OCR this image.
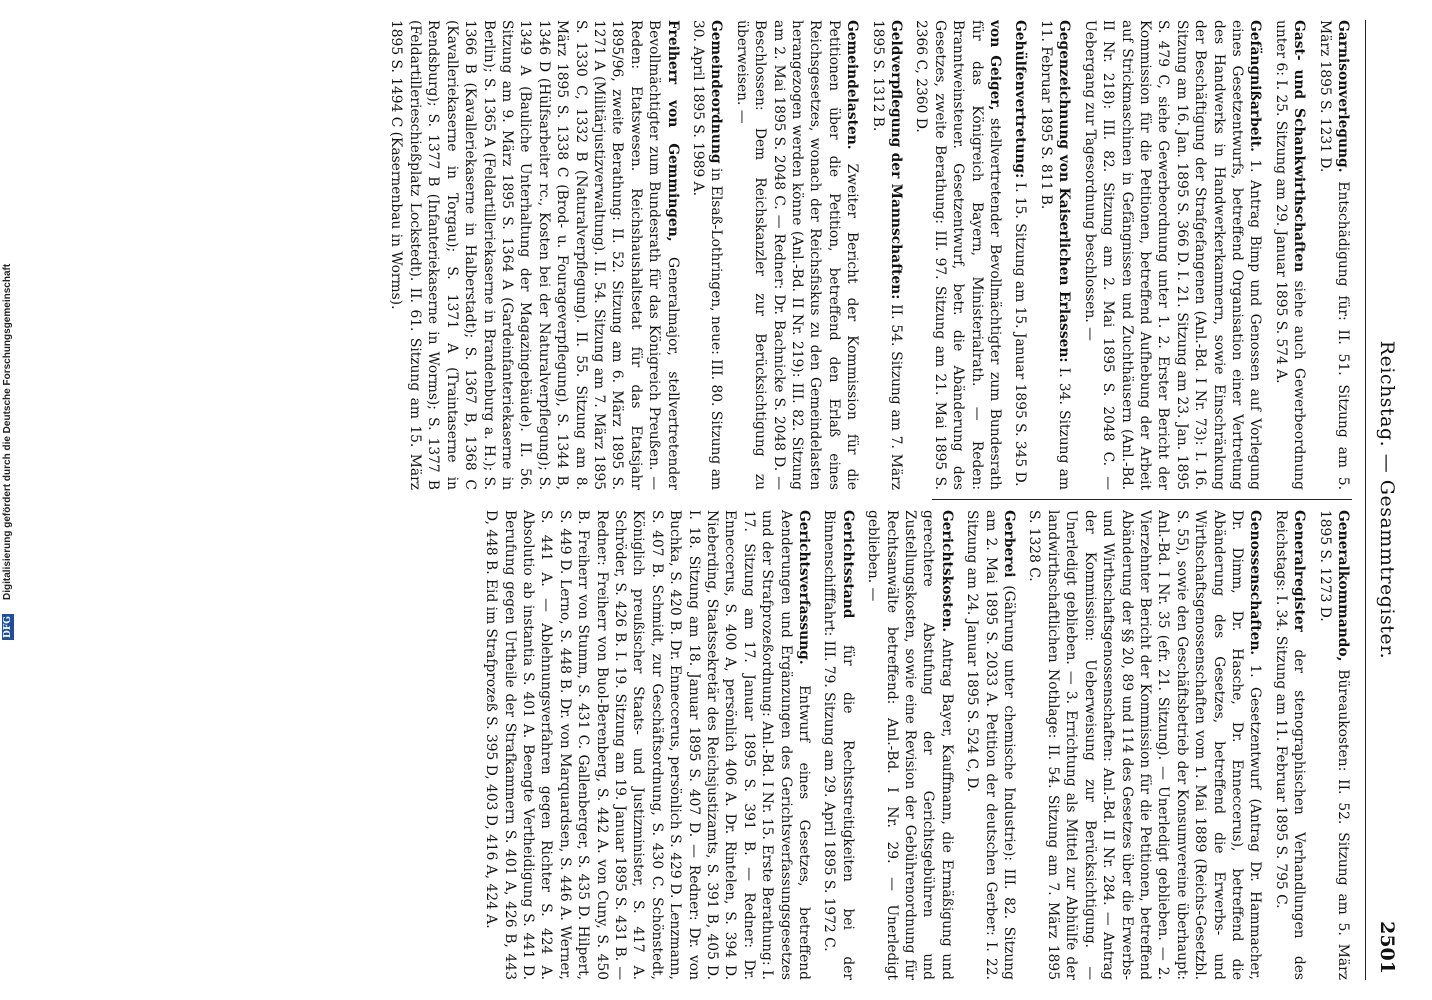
Reichstag. — Gesammtregister.
2501

Garnisonverlegung. Entschädigung für: II. 51. Sitzung am 5. März 1895 S. 1231 D.

Gast- und Schankwirthschaften siehe auch Gewerbeordnung unter 6: I. 25. Sitzung am 29. Januar 1895 S. 574 A.

Gefängnißarbeit. 1. Antrag Bimp und Genossen auf Vorlegung eines Gesetzentwurfs, betreffend Organisation einer Vertretung des Handwerks in Handwerkerkammern, sowie Einschränkung der Beschäftigung der Strafgefangenen (Anl.-Bd. I Nr. 73): I. 16. Sitzung am 16. Jan. 1895 S. 366 D. I. 21. Sitzung am 23. Jan. 1895 S. 479 C, siehe Gewerbeordnung unter 1. 2. Erster Bericht der Kommission für die Petitionen, betreffend Aufhebung der Arbeit auf Strickmaschinen in Gefängnissen und Zuchthäusern (Anl.-Bd. II Nr. 218): III. 82. Sitzung am 2. Mai 1895 S. 2048 C. — Uebergang zur Tagesordnung beschlossen. —

Gegenzeichnung von Kaiserlichen Erlassen: I. 34. Sitzung am 11. Februar 1895 S. 811 B.

Gehülfenvertretung: I. 15. Sitzung am 15. Januar 1895 S. 345 D.

von Geiger, stellvertretender Bevollmächtigter zum Bundesrath für das Königreich Bayern, Ministerialrath. — Reden: Branntweinsteuer. Gesetzentwurf, betr. die Abänderung des Gesetzes, zweite Berathung: III. 97. Sitzung am 21. Mai 1895 S. 2366 C, 2360 D.

Geldverpflegung der Mannschaften: II. 54. Sitzung am 7. März 1895 S. 1312 B.

Gemeindelasten. Zweiter Bericht der Kommission für die Petitionen über die Petition, betreffend den Erlaß eines Reichsgesetzes, wonach der Reichsfiskus zu den Gemeindelasten herangezogen werden könne (Anl.-Bd. II Nr. 219): III. 82. Sitzung am 2. Mai 1895 S. 2048 C. — Redner: Dr. Bachnicke S. 2048 D. — Beschlossen: Dem Reichskanzler zur Berücksichtigung zu überweisen. —

Gemeindeordnung in Elsaß-Lothringen, neue: III. 80. Sitzung am 30. April 1895 S. 1989 A.

Freiherr von Gemmingen, Generalmajor, stellvertretender Bevollmächtigter zum Bundesrath für das Königreich Preußen. — Reden: Etatswesen. Reichshaushaltsetat für das Etatsjahr 1895/96, zweite Berathung: II. 52. Sitzung am 6. März 1895 S. 1271 A (Militärjustizverwaltung). II. 54. Sitzung am 7. März 1895 S. 1330 C, 1332 B (Naturalverpflegung). II. 55. Sitzung am 8. März 1895 S. 1338 C (Brod- u. Fourageverpflegung), S. 1344 B, 1346 D (Hülfsarbeiter rc., Kosten bei der Naturalverpflegung); S. 1349 A (Bauliche Unterhaltung der Magazingebäude). II. 56. Sitzung am 9. März 1895 S. 1364 A (Gardeinfanteriekaserne in Berlin); S. 1365 A (Feldartilleriekaserne in Brandenburg a. H.); S. 1366 B (Kavalleriekaserne in Halberstadt); S. 1367 B, 1368 C (Kavalleriekaserne in Torgau); S. 1371 A (Traintaserne in Rendsburg); S. 1377 B (Infanteriekaserne in Worms); S. 1377 B (Feldartillerieschießplatz Lockstedt). II. 61. Sitzung am 15. März 1895 S. 1494 C (Kasernenbau in Worms).

Generalkommando, Büreaukosten: II. 52. Sitzung am 5. März 1895 S. 1273 D.

Generalregister der stenographischen Verhandlungen des Reichstags: I. 34. Sitzung am 11. Februar 1895 S. 795 C.

Genossenschaften. 1. Gesetzentwurf (Antrag Dr. Hammacher, Dr. Dimm, Dr. Hasche, Dr. Enneccerus), betreffend die Abänderung des Gesetzes, betreffend die Erwerbs- und Wirthschaftsgenossenschaften vom 1. Mai 1889 (Reichs-Gesetzbl. S. 55), sowie den Geschäftsbetrieb der Konsumvereine überhaupt: Anl.-Bd. I Nr. 35 (efr. 21. Sitzung). — Unerledigt geblieben. — 2. Vierzehnter Bericht der Kommission für die Petitionen, betreffend Abänderung der §§ 20, 89 und 114 des Gesetzes über die Erwerbs- und Wirthschaftsgenossenschaften: Anl.-Bd. II Nr. 284. — Antrag der Kommission: Ueberweisung zur Berücksichtigung. — Unerledigt geblieben. — 3. Errichtung als Mittel zur Abhülfe der landwirthschaftlichen Nothlage: II. 54. Sitzung am 7. März 1895 S. 1328 C.

Gerberei (Gährung unter chemische Industrie): III. 82. Sitzung am 2. Mai 1895 S. 2033 A. Petition der deutschen Gerber: I. 22. Sitzung am 24. Januar 1895 S. 524 C, D.

Gerichtskosten. Antrag Bayer, Kauffmann, die Ermäßigung und gerechtere Abstufung der Gerichtsgebühren und Zustellungskosten, sowie eine Revision der Gebührenordnung für Rechtsanwälte betreffend: Anl.-Bd. I Nr. 29. — Unerledigt geblieben. —

Gerichtsstand für die Rechtsstreitigkeiten bei der Binnenschifffahrt: III. 79. Sitzung am 29. April 1895 S. 1972 C.

Gerichtsverfassung. Entwurf eines Gesetzes, betreffend Aenderungen und Ergänzungen des Gerichtsverfassungsgesetzes und der Strafprozeßordnung: Anl.-Bd. I Nr. 15. Erste Berathung: I. 17. Sitzung am 17. Januar 1895 S. 391 B. — Redner: Dr. Enneccerus, S. 400 A, persönlich 406 A. Dr. Rintelen, S. 394 D. Nieberding, Staatssekretär des Reichsjustizamts, S. 391 B, 405 D. I. 18. Sitzung am 18. Januar 1895 S. 407 D. — Redner: Dr. von Buchka, S. 420 B. Dr. Enneccerus, persönlich S. 429 D. Lenzmann, S. 407 B. Schmidt, zur Geschäftsordnung, S. 430 C. Schönstedt, Königlich preußischer Staats- und Justizminister, S. 417 A. Schröder, S. 426 B. I. 19. Sitzung am 19. Januar 1895 S. 431 B. — Redner: Freiherr von Buol-Berenberg, S. 442 A. von Cuny, S. 450 B. Freiherr von Stumm, S. 431 C. Gallenberger, S. 435 D. Hilpert, S. 449 D. Lerno, S. 448 B. Dr. von Marquardsen, S. 446 A. Werner, S. 441 A. — Ablehnungsverfahren gegen Richter S. 424 A. Absolutio ab instantia S. 401 A. Beengte Vertheidigung S. 441 D. Berufung gegen Urtheile der Strafkammern S. 401 A, 426 B, 443 D, 448 B. Eid im Strafprozeß S. 395 D, 403 D, 416 A, 424 A.

Digitalisierung gefördert durch die Deutsche Forschungsgemeinschaft
DFG
